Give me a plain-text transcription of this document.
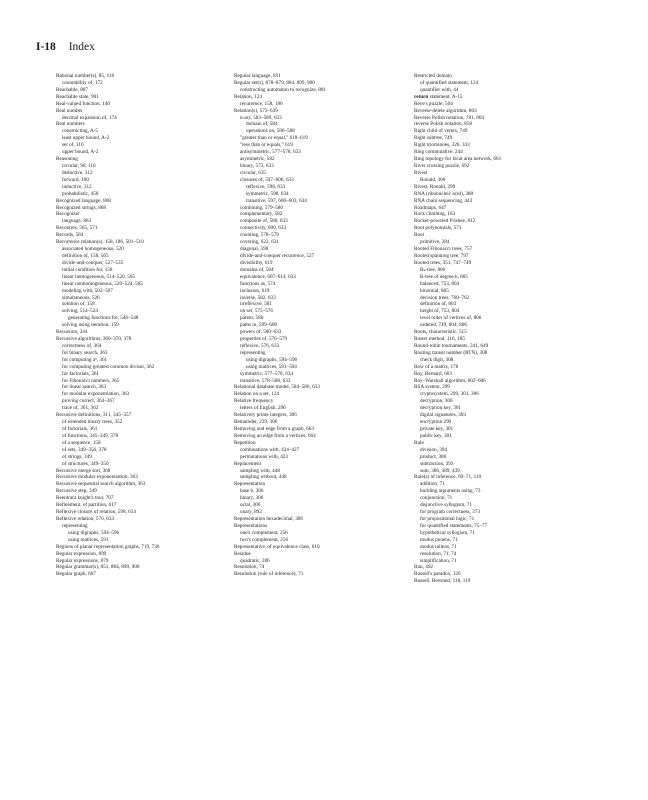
I-18 Index
Rational number(s), 85, 116
countability of, 172
Reachable, 807
Reachable state, 901
Real-valued function, 140
Real number
decimal expansion of, 174
Real numbers
constructing, A-5
least upper bound, A-2
set of, 116
upper bound, A-2
Reasoning
circular, 90, 110
deductive, 312
forward, 100
inductive, 312
probabilistic, 450
Recognized language, 868
Recognized strings, 868
Recognizer
language, 863
Recontres, 565, 571
Records, 584
Recurrence relation(s), 158, 186, 501–510
associated homogeneous, 520
definition of, 158, 565
divide-and-conquer, 527–535
initial condition for, 158
linear homogeneous, 514–520, 565
linear nonhomogeneous, 520–524, 565
modeling with, 502–507
simultaneous, 526
solution of, 158
solving, 514–524
generating functions for, 546–548
solving using iteration, 159
Recursion, 344
Recursive algorithms, 360–370, 378
correctness of, 364
for binary search, 363
for computing aⁿ, 361
for computing greatest common divisor, 362
for factorials, 361
for Fibonacci numbers, 365
for linear search, 363
for modular exponentiation, 363
proving correct, 364–367
trace of, 361, 362
Recursive definitions, 311, 345–357
of extended binary trees, 352
of factorials, 361
of functions, 345–349, 378
of a sequence, 158
of sets, 349–356, 378
of strings, 349
of structures, 349–356
Recursive merge sort, 368
Recursive modular exponentiation, 363
Recursive sequential search algorithm, 363
Recursive step, 349
Reentrant knight's tour, 707
Refinement, of partition, 617
Reflexive closure of relation, 598, 634
Reflexive relation, 576, 633
representing
using digraphs, 594–596
using matrices, 591
Regions of planar representation graphs, 719, 736
Regular expression, 899
Regular expressions, 879
Regular grammar(s), 851, 884, 899, 900
Regular graph, 667
Regular language, 851
Regular set(s), 878–879, 884, 899, 900
constructing automaton to recognize, 881
Relation, 124
recurrence, 158, 186
Relation(s), 573–639
n-ary, 583–589, 633
domain of, 584
operations on, 586–588
"greater than or equal," 618–619
"less than or equals," 619
antisymmetric, 577–578, 633
asymmetric, 582
binary, 573, 633
circular, 635
closures of, 597–606, 633
reflexive, 598, 633
symmetric, 598, 634
transitive, 597, 600–603, 634
combining, 579–580
complementary, 582
composite of, 580, 633
connectivity, 600, 633
counting, 578–579
covering, 623, 631
diagonal, 598
divide-and-conquer recurrence, 527
divisibility, 619
domains of, 584
equivalence, 607–614, 633
functions as, 574
inclusion, 619
inverse, 582, 633
irreflexive, 581
on set, 575–576
parent, 580
paths in, 599–600
powers of, 580–633
properties of, 576–579
reflexive, 576, 633
representing
using digraphs, 594–596
using matrices, 591–594
symmetric, 577–578, 634
transitive, 578–580, 633
Relational database model, 584–586, 633
Relation on a set, 124
Relative frequency
letters of English, 296
Relatively prime integers, 306
Remainder, 239, 306
Removing and edge from a graph, 663
Removing an edge from a vertices, 664
Repetition
combinations with, 424–427
permutations with, 423
Replacement
sampling with, 448
sampling without, 448
Representation
base b, 306
binary, 306
octal, 306
unary, 892
Representation hexadecimal, 306
Representations
one's complement, 256
two's complement, 256
Representative, of equivalence class, 610
Residue
quadratic, 286
Resolution, 74
Resolution (rule of inference), 71
Restricted domain
of quantified statement, 124
quantifier with, 44
return statement, A-15
Reve's puzzle, 504
Reverse-delete algorithm, 803
Reverse Polish notation, 781, 804
reverse Polish notation, 858
Right child of vertex, 749
Right subtree, 749
Right triominoes, 326, 333
Ring commutative, 244
Ring topology for local area network, 661
River crossing puzzle, 692
Rivest
Ronald, 300
Rivest, Ronald, 299
RNA (ribonucleic acid), 388
RNA chain sequencing, 443
Roadmaps, 647
Rock climbing, 163
Rocket-powered Frisbee, 812
Root polynomials, 571
Root
primitive, 284
Rooted Fibonacci trees, 757
Rooted spanning tree, 797
Rooted trees, 351, 747–749
Bₖ-tree, 806
B-tree of degree k, 805
balanced, 753, 804
binomial, 805
decision trees, 760–762
definition of, 803
height of, 753, 804
level order of vertices of, 806
ordered, 749, 804, 806
Roots, characteristic, 515
Roster method, 116, 185
Round-robin tournaments, 341, 649
Routing transit number (RTN), 308
check digit, 308
Row of a matrix, 178
Roy, Bernard, 603
Roy–Warshall algorithm, 603–606
RSA system, 299
cryptosystem, 299, 301, 306
decryption, 300
decryption key, 301
digital signatures, 303
encryption 299
private key, 301
public key, 301
Rule
division, 394
product, 386
subtraction, 393
sum, 386, 389, 439
Rule(s) of inference, 69–71, 110
addition, 71
building arguments using, 73
conjunction, 71
disjunctive syllogism, 71
for program correctness, 373
for propositional logic, 71
for quantified statements, 75–77
hypothetical syllogism, 71
modus ponens, 71
modus tollens, 71
resolution, 71, 74
simplification, 71
Run, 492
Russell's paradox, 126
Russell, Bertrand, 118, 119
